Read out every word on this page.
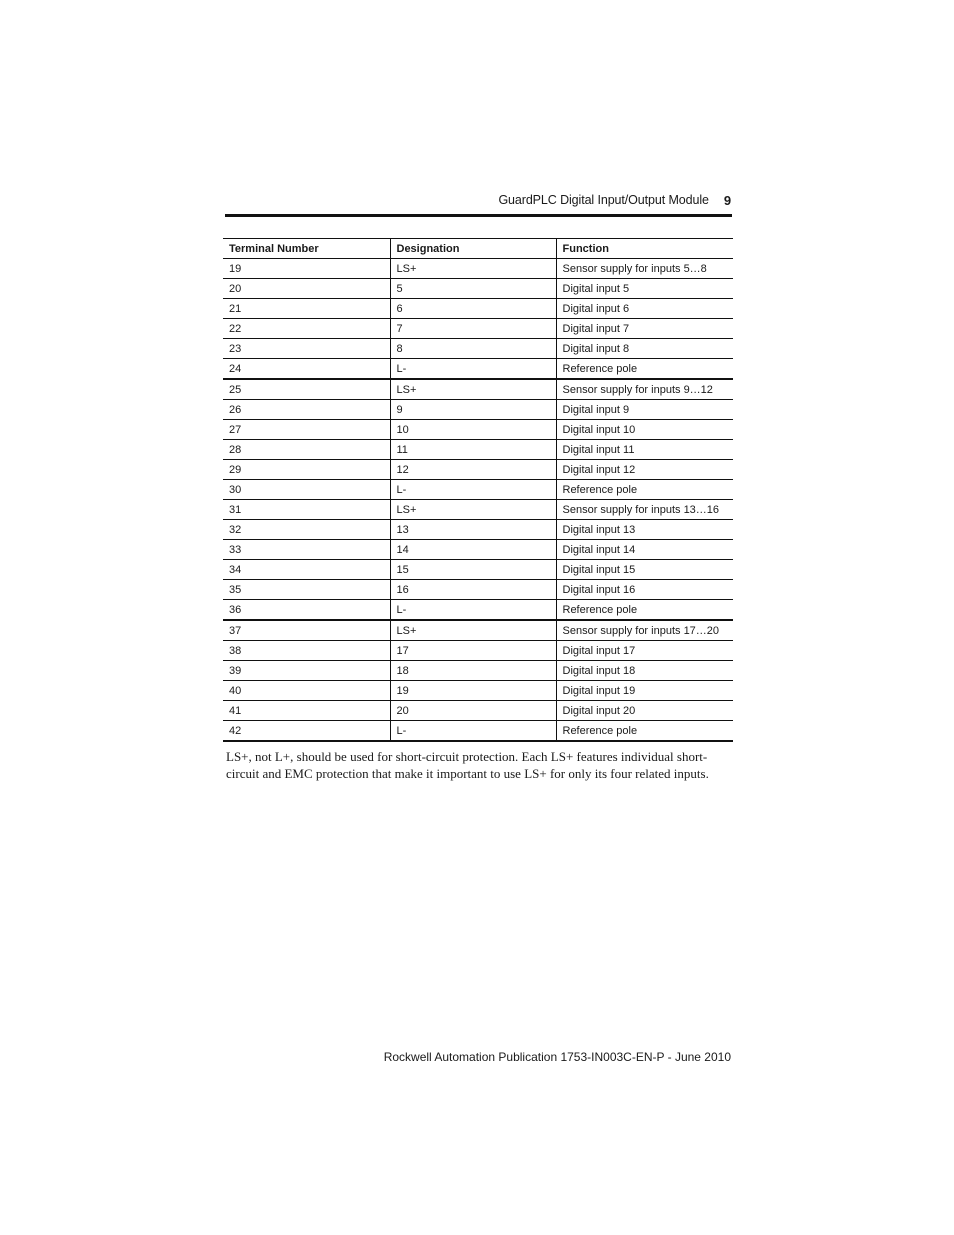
GuardPLC Digital Input/Output Module 9
Terminal Number	Designation	Function
19	LS+	Sensor supply for inputs 5…8
20	5	Digital input 5
21	6	Digital input 6
22	7	Digital input 7
23	8	Digital input 8
24	L-	Reference pole
25	LS+	Sensor supply for inputs 9…12
26	9	Digital input 9
27	10	Digital input 10
28	11	Digital input 11
29	12	Digital input 12
30	L-	Reference pole
31	LS+	Sensor supply for inputs 13…16
32	13	Digital input 13
33	14	Digital input 14
34	15	Digital input 15
35	16	Digital input 16
36	L-	Reference pole
37	LS+	Sensor supply for inputs 17…20
38	17	Digital input 17
39	18	Digital input 18
40	19	Digital input 19
41	20	Digital input 20
42	L-	Reference pole
LS+, not L+, should be used for short-circuit protection. Each LS+ features individual short-circuit and EMC protection that make it important to use LS+ for only its four related inputs.
Rockwell Automation Publication 1753-IN003C-EN-P - June 2010
